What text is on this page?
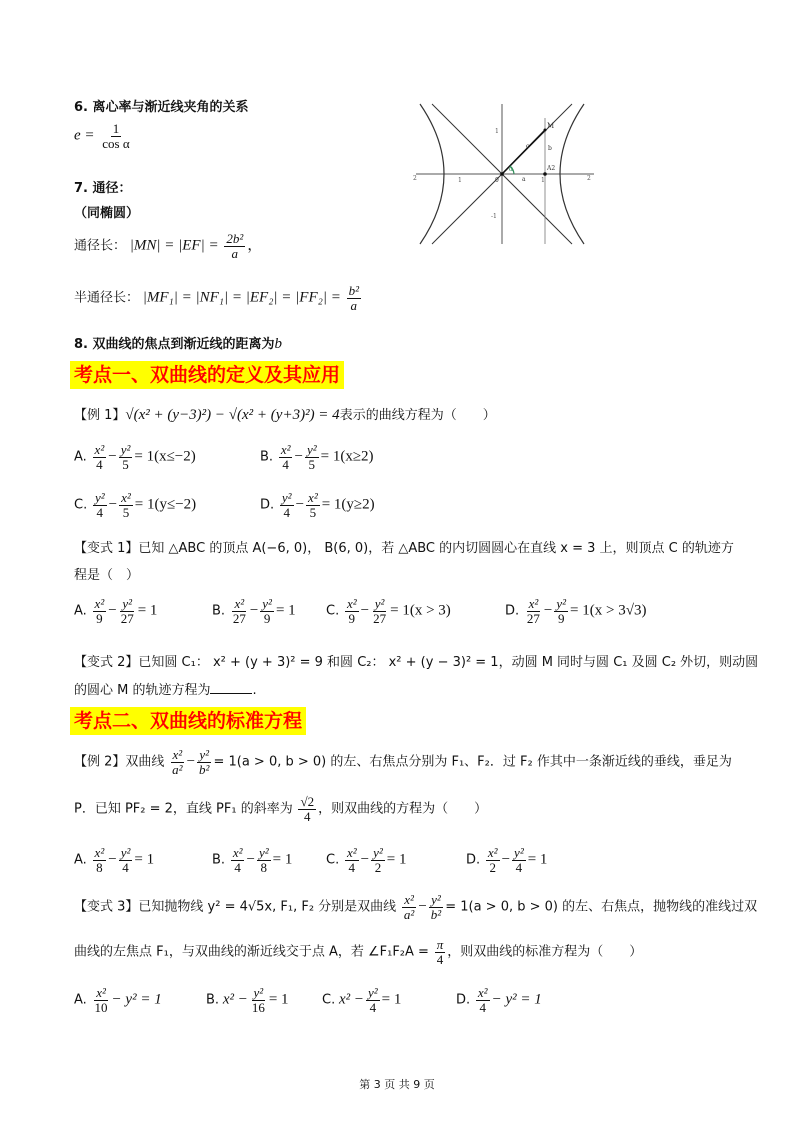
6. 离心率与渐近线夹角的关系
$e = \frac{1}{\text{cos α}}$
7. 通径：
（同椭圆）
通径长： $|MN| = |EF| = \frac{\text{2b²}}{a}$ ，
半通径长： $|MF_1| = |NF_1| = |EF_2| = |FF_2| = \frac{\text{b²}}{a}$
8. 双曲线的焦点到渐近线的距离为b
2	2
1
1
1
-1
0
M
A2
b
c
a
α
考点一、双曲线的定义及其应用
【例 1】√(x² + (y−3)²) − √(x² + (y+3)²) = 4表示的曲线方程为（　　）
A. $\frac{\text{x²}}{4} - \frac{\text{y²}}{5} = 1(x\le-2)$	B. $\frac{\text{x²}}{4} - \frac{\text{y²}}{5} = 1(x\ge 2)$
C. $\frac{\text{y²}}{4} - \frac{\text{x²}}{5} = 1(y\le-2)$	D. $\frac{\text{y²}}{4} - \frac{\text{x²}}{5} = 1(y\ge 2)$
【变式 1】已知 △ABC 的顶点 A(−6, 0)， B(6, 0)，若 △ABC 的内切圆圆心在直线 x = 3 上，则顶点 C 的轨迹方
程是（　）
A. $\frac{\text{x²}}{9} - \frac{\text{y²}}{27} = 1$	B. $\frac{\text{x²}}{27} - \frac{\text{y²}}{9} = 1$ C. $\frac{\text{x²}}{9} - \frac{\text{y²}}{27} = 1(x > 3)$	D. $\frac{\text{x²}}{27} - \frac{\text{y²}}{9} = 1(x > 3√3)$
【变式 2】已知圆 C₁： x² + (y + 3)² = 9 和圆 C₂： x² + (y − 3)² = 1，动圆 M 同时与圆 C₁ 及圆 C₂ 外切，则动圆
的圆心 M 的轨迹方程为	.
考点二、双曲线的标准方程
【例 2】双曲线 $\frac{\text{x²}}{\text{a²}} - \frac{\text{y²}}{\text{b²}} = 1(a > 0$, b > 0) 的左、右焦点分别为 F₁、F₂．过 F₂ 作其中一条渐近线的垂线，垂足为
P．已知 PF₂ = 2，直线 PF₁ 的斜率为 $\frac{√2}{4}$ ，则双曲线的方程为（　　）
A. $\frac{\text{x²}}{8} - \frac{\text{y²}}{4} = 1$	B. $\frac{\text{x²}}{4} - \frac{\text{y²}}{8} = 1$	C. $\frac{\text{x²}}{4} - \frac{\text{y²}}{2} = 1$	D. $\frac{\text{x²}}{2} - \frac{\text{y²}}{4} = 1$
【变式 3】已知抛物线 y² = 4√5x, F₁, F₂ 分别是双曲线 $\frac{\text{x²}}{\text{a²}} - \frac{\text{y²}}{\text{b²}} = 1(a > 0$, b > 0) 的左、右焦点，抛物线的准线过双
曲线的左焦点 F₁，与双曲线的渐近线交于点 A，若 ∠F₁F₂A = $\frac{\pi}{4}$ ，则双曲线的标准方程为（　　）
A. $\frac{\text{x²}}{10} - y^2 = 1$	B. $x^2 - \frac{\text{y²}}{16} = 1$	C. $x^2 - \frac{\text{y²}}{4} = 1$	D. $\frac{\text{x²}}{4} - y^2 = 1$
第 3 页 共 9 页
